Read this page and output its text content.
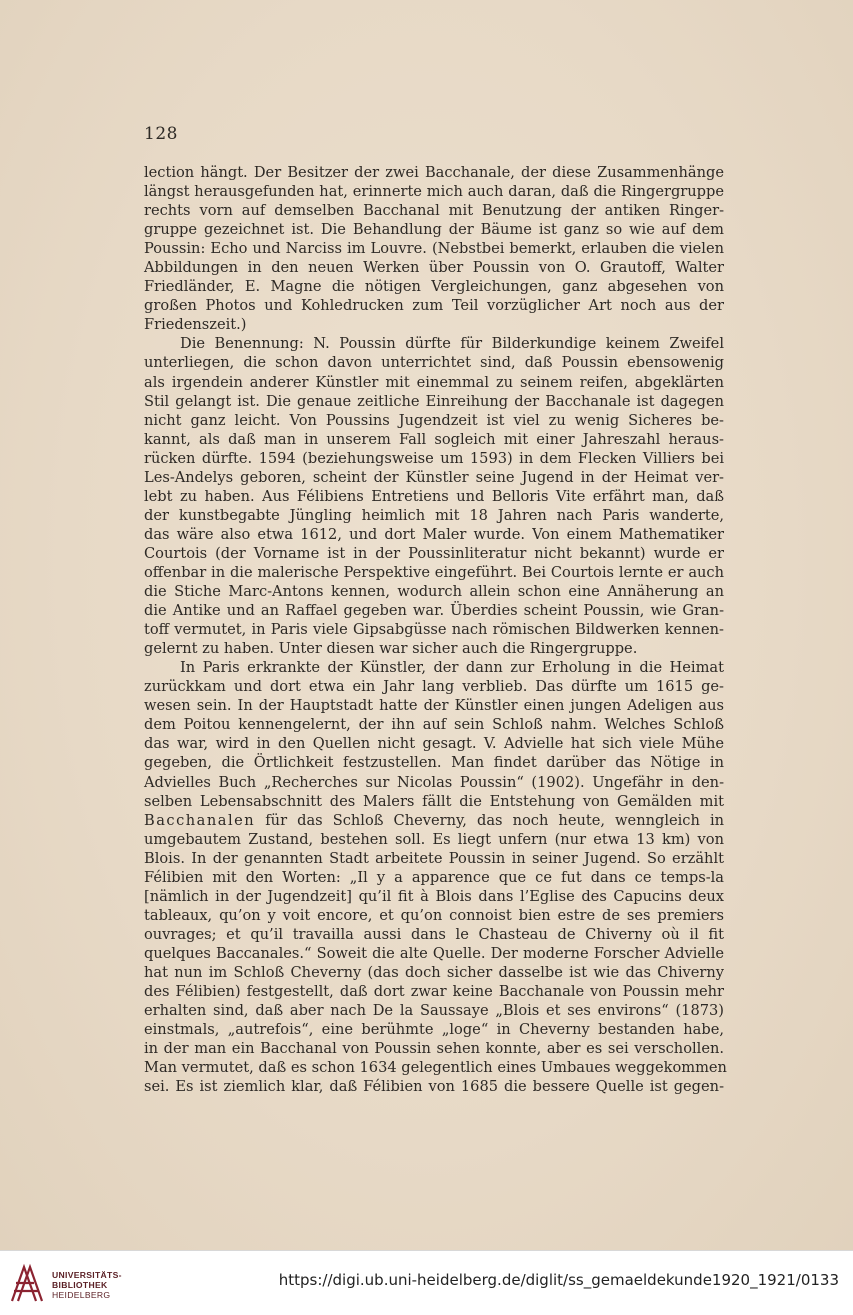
128
lection hängt. Der Besitzer der zwei Bacchanale, der diese Zusammenhänge
längst herausgefunden hat, erinnerte mich auch daran, daß die Ringergruppe
rechts vorn auf demselben Bacchanal mit Benutzung der antiken Ringer-
gruppe gezeichnet ist. Die Behandlung der Bäume ist ganz so wie auf dem
Poussin: Echo und Narciss im Louvre. (Nebstbei bemerkt, erlauben die vielen
Abbildungen in den neuen Werken über Poussin von O. Grautoff, Walter
Friedländer, E. Magne die nötigen Vergleichungen, ganz abgesehen von
großen Photos und Kohledrucken zum Teil vorzüglicher Art noch aus der
Friedenszeit.)
Die Benennung: N. Poussin dürfte für Bilderkundige keinem Zweifel
unterliegen, die schon davon unterrichtet sind, daß Poussin ebensowenig
als irgendein anderer Künstler mit einemmal zu seinem reifen, abgeklärten
Stil gelangt ist. Die genaue zeitliche Einreihung der Bacchanale ist dagegen
nicht ganz leicht. Von Poussins Jugendzeit ist viel zu wenig Sicheres be-
kannt, als daß man in unserem Fall sogleich mit einer Jahreszahl heraus-
rücken dürfte. 1594 (beziehungsweise um 1593) in dem Flecken Villiers bei
Les-Andelys geboren, scheint der Künstler seine Jugend in der Heimat ver-
lebt zu haben. Aus Félibiens Entretiens und Belloris Vite erfährt man, daß
der kunstbegabte Jüngling heimlich mit 18 Jahren nach Paris wanderte,
das wäre also etwa 1612, und dort Maler wurde. Von einem Mathematiker
Courtois (der Vorname ist in der Poussinliteratur nicht bekannt) wurde er
offenbar in die malerische Perspektive eingeführt. Bei Courtois lernte er auch
die Stiche Marc-Antons kennen, wodurch allein schon eine Annäherung an
die Antike und an Raffael gegeben war. Überdies scheint Poussin, wie Gran-
toff vermutet, in Paris viele Gipsabgüsse nach römischen Bildwerken kennen-
gelernt zu haben. Unter diesen war sicher auch die Ringergruppe.
In Paris erkrankte der Künstler, der dann zur Erholung in die Heimat
zurückkam und dort etwa ein Jahr lang verblieb. Das dürfte um 1615 ge-
wesen sein. In der Hauptstadt hatte der Künstler einen jungen Adeligen aus
dem Poitou kennengelernt, der ihn auf sein Schloß nahm. Welches Schloß
das war, wird in den Quellen nicht gesagt. V. Advielle hat sich viele Mühe
gegeben, die Örtlichkeit festzustellen. Man findet darüber das Nötige in
Advielles Buch „Recherches sur Nicolas Poussin“ (1902). Ungefähr in den-
selben Lebensabschnitt des Malers fällt die Entstehung von Gemälden mit
Bacchanalen für das Schloß Cheverny, das noch heute, wenngleich in
umgebautem Zustand, bestehen soll. Es liegt unfern (nur etwa 13 km) von
Blois. In der genannten Stadt arbeitete Poussin in seiner Jugend. So erzählt
Félibien mit den Worten: „Il y a apparence que ce fut dans ce temps-la
[nämlich in der Jugendzeit] qu’il fit à Blois dans l’Eglise des Capucins deux
tableaux, qu’on y voit encore, et qu’on connoist bien estre de ses premiers
ouvrages; et qu’il travailla aussi dans le Chasteau de Chiverny où il fit
quelques Baccanales.“ Soweit die alte Quelle. Der moderne Forscher Advielle
hat nun im Schloß Cheverny (das doch sicher dasselbe ist wie das Chiverny
des Félibien) festgestellt, daß dort zwar keine Bacchanale von Poussin mehr
erhalten sind, daß aber nach De la Saussaye „Blois et ses environs“ (1873)
einstmals, „autrefois“, eine berühmte „loge“ in Cheverny bestanden habe,
in der man ein Bacchanal von Poussin sehen konnte, aber es sei verschollen.
Man vermutet, daß es schon 1634 gelegentlich eines Umbaues weggekommen
sei. Es ist ziemlich klar, daß Félibien von 1685 die bessere Quelle ist gegen-
UNIVERSITÄTS-
BIBLIOTHEK
HEIDELBERG
https://digi.ub.uni-heidelberg.de/diglit/ss_gemaeldekunde1920_1921/0133
